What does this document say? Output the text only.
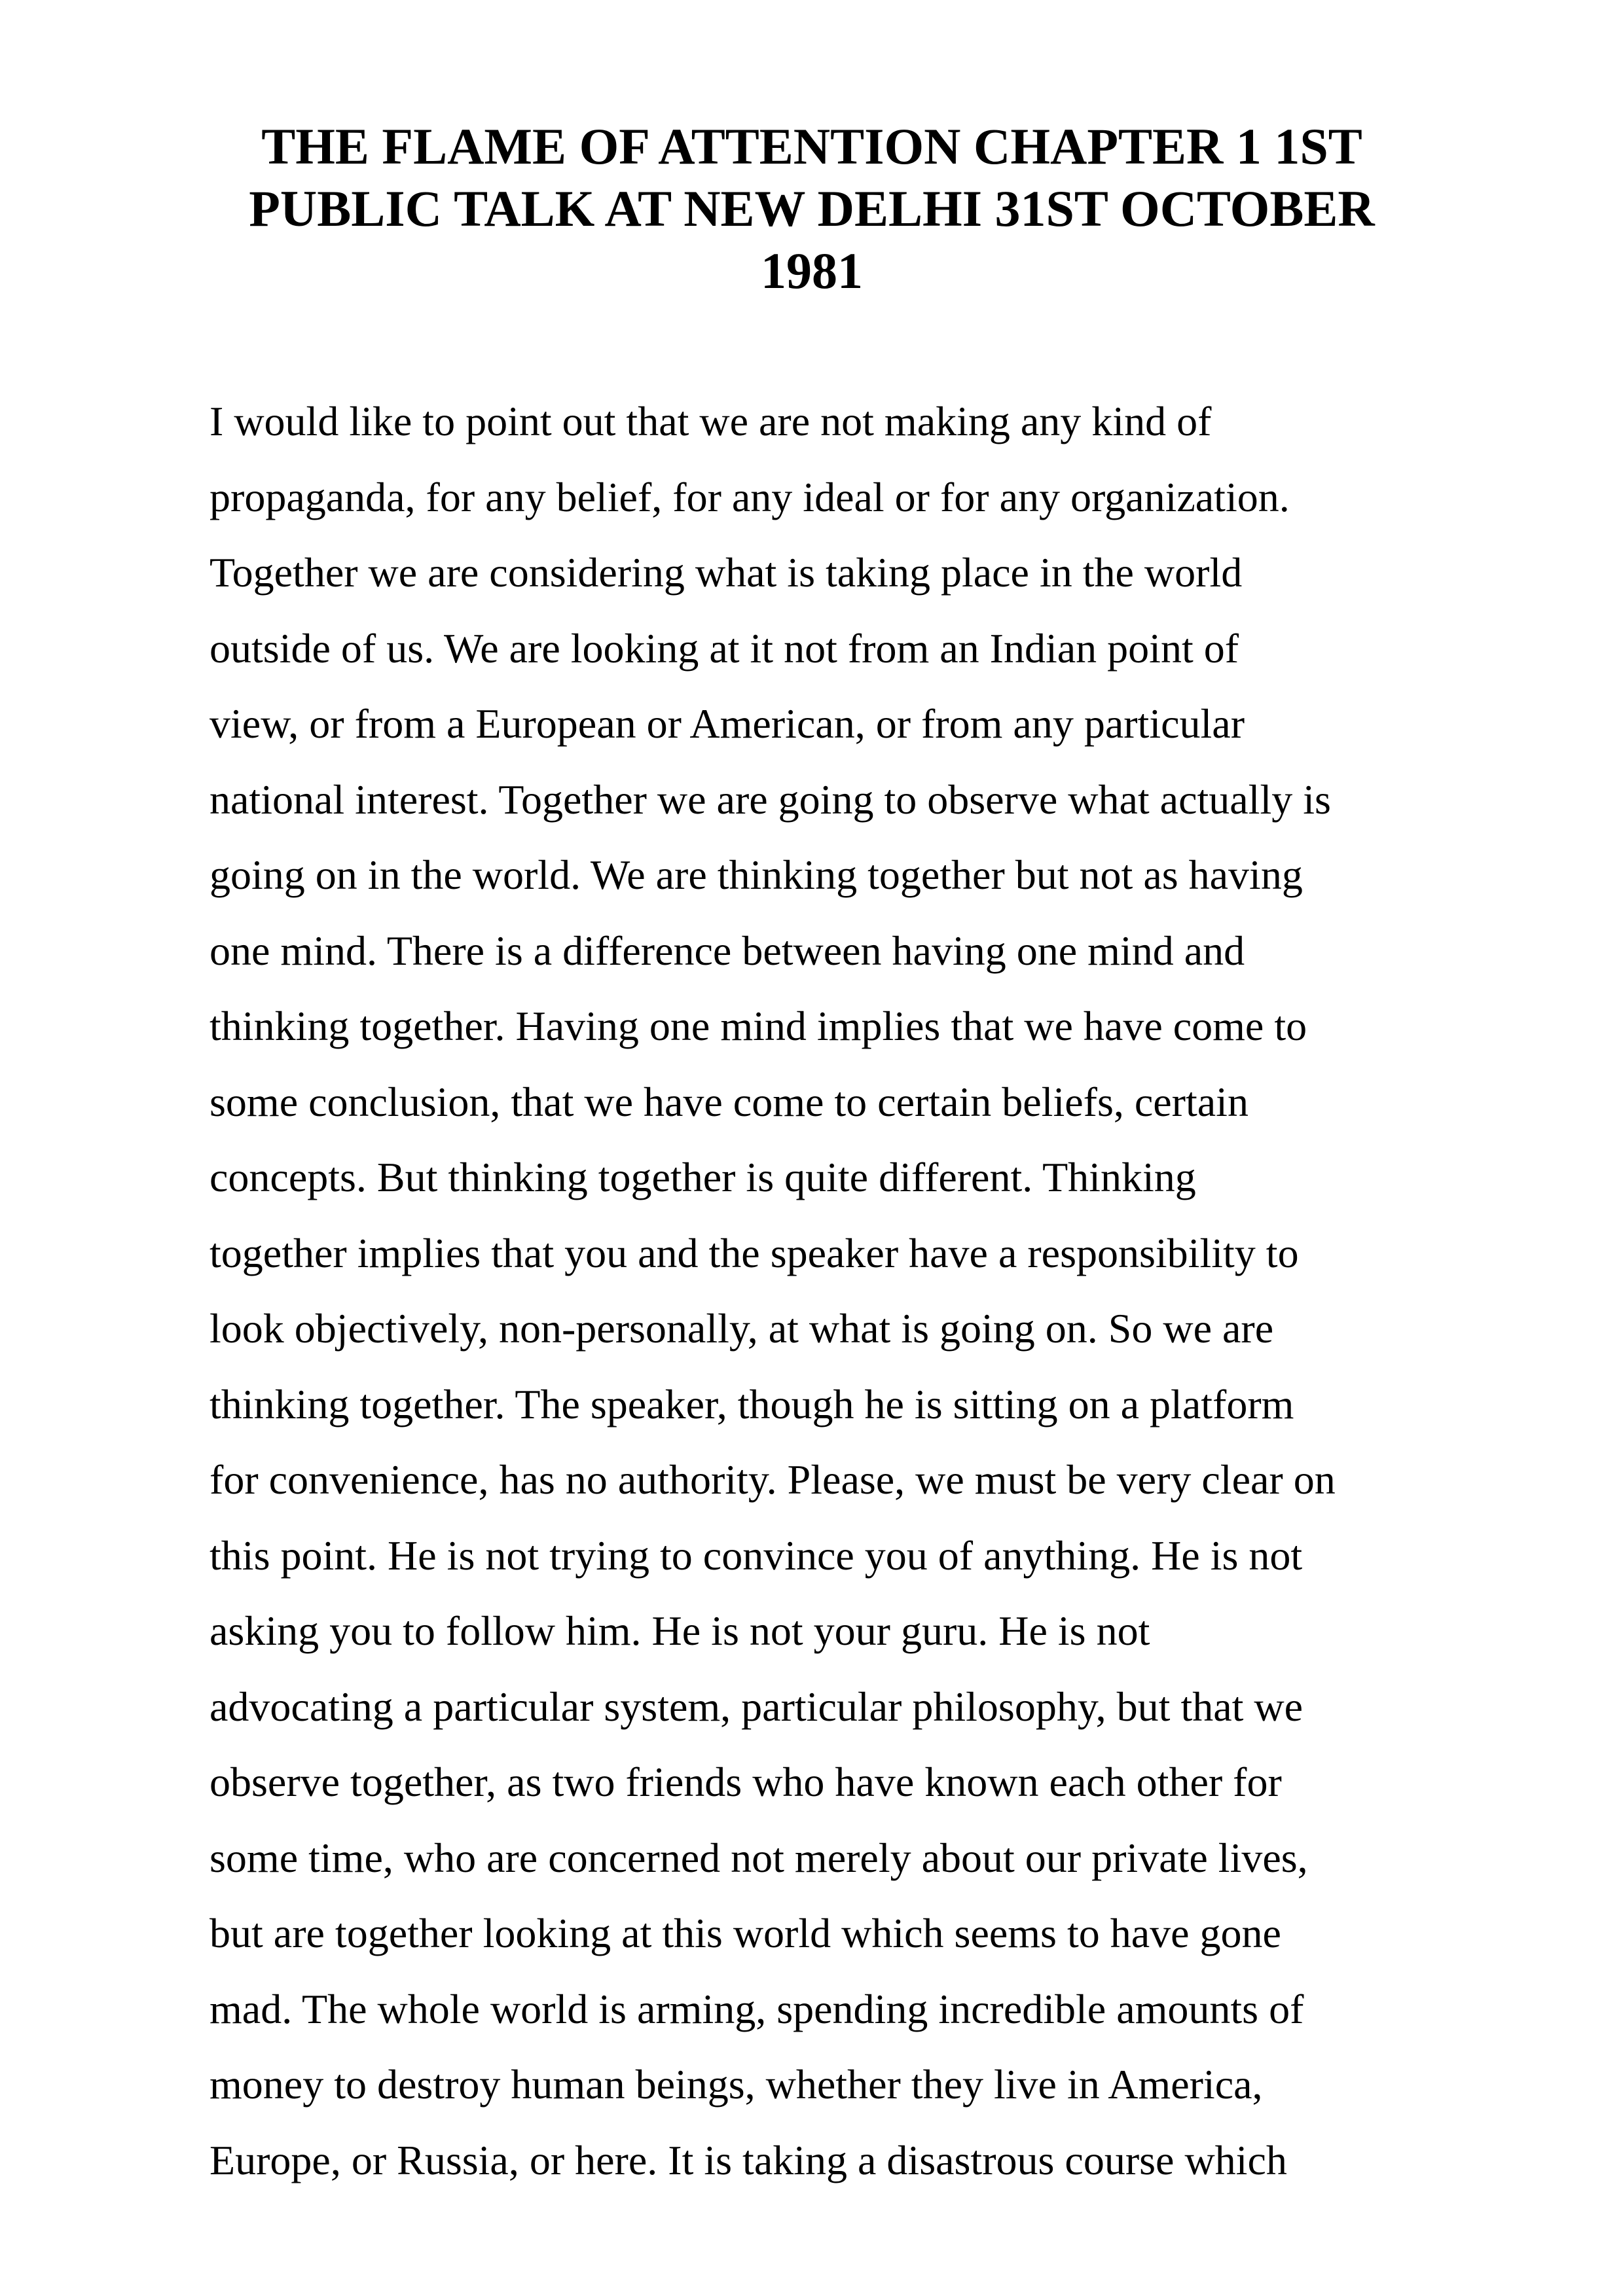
THE FLAME OF ATTENTION CHAPTER 1 1ST
PUBLIC TALK AT NEW DELHI 31ST OCTOBER
1981
I would like to point out that we are not making any kind of
propaganda, for any belief, for any ideal or for any organization.
Together we are considering what is taking place in the world
outside of us. We are looking at it not from an Indian point of
view, or from a European or American, or from any particular
national interest. Together we are going to observe what actually is
going on in the world. We are thinking together but not as having
one mind. There is a difference between having one mind and
thinking together. Having one mind implies that we have come to
some conclusion, that we have come to certain beliefs, certain
concepts. But thinking together is quite different. Thinking
together implies that you and the speaker have a responsibility to
look objectively, non-personally, at what is going on. So we are
thinking together. The speaker, though he is sitting on a platform
for convenience, has no authority. Please, we must be very clear on
this point. He is not trying to convince you of anything. He is not
asking you to follow him. He is not your guru. He is not
advocating a particular system, particular philosophy, but that we
observe together, as two friends who have known each other for
some time, who are concerned not merely about our private lives,
but are together looking at this world which seems to have gone
mad. The whole world is arming, spending incredible amounts of
money to destroy human beings, whether they live in America,
Europe, or Russia, or here. It is taking a disastrous course which
